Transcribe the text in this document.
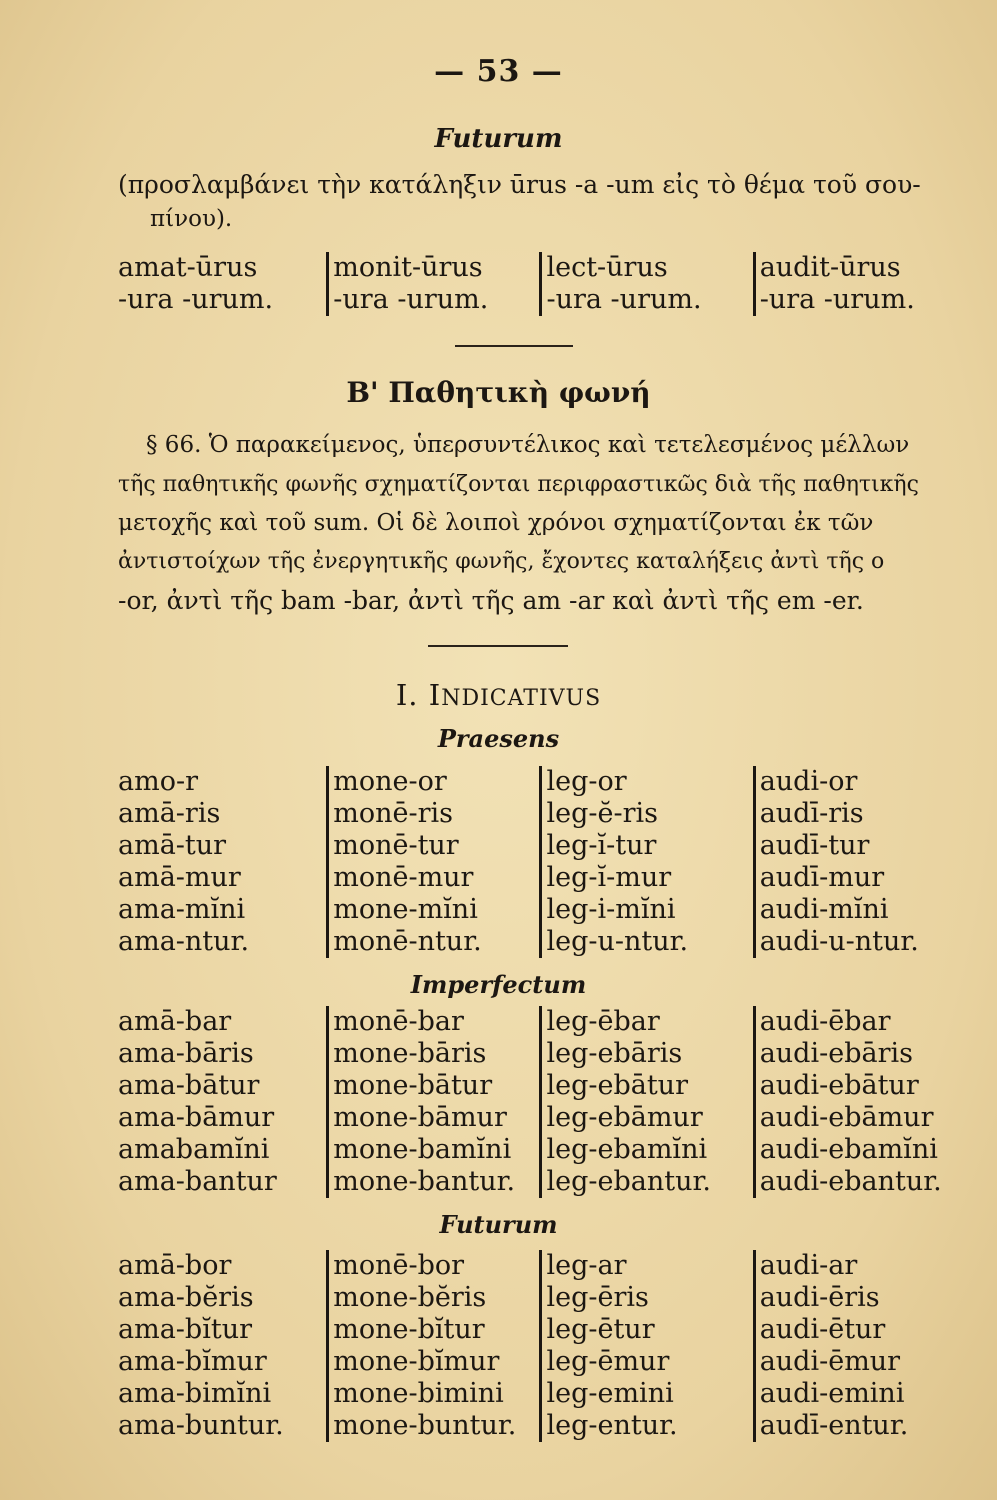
— 53 —
Futurum
(προσλαμβάνει τὴν κατάληξιν ūrus -a -um εἰς τὸ θέμα τοῦ σου-
πίνου).
amat-ūrus
-ura -urum.
monit-ūrus
-ura -urum.
lect-ūrus
-ura -urum.
audit-ūrus
-ura -urum.
Β' Παθητικὴ φωνή
§ 66. Ὁ παρακείμενος, ὑπερσυντέλικος καὶ τετελεσμένος μέλλων
τῆς παθητικῆς φωνῆς σχηματίζονται περιφραστικῶς διὰ τῆς παθητικῆς
μετοχῆς καὶ τοῦ sum. Οἱ δὲ λοιποὶ χρόνοι σχηματίζονται ἐκ τῶν
ἀντιστοίχων τῆς ἐνεργητικῆς φωνῆς, ἔχοντες καταλήξεις ἀντὶ τῆς o
-or, ἀντὶ τῆς bam -bar, ἀντὶ τῆς am -ar καὶ ἀντὶ τῆς em -er.
I. INDICATIVUS
Praesens
amo-r
amā-ris
amā-tur
amā-mur
ama-mĭni
ama-ntur.
mone-or
monē-ris
monē-tur
monē-mur
mone-mĭni
monē-ntur.
leg-or
leg-ĕ-ris
leg-ĭ-tur
leg-ĭ-mur
leg-i-mĭni
leg-u-ntur.
audi-or
audī-ris
audī-tur
audī-mur
audi-mĭni
audi-u-ntur.
Imperfectum
amā-bar
ama-bāris
ama-bātur
ama-bāmur
amabamĭni
ama-bantur
monē-bar
mone-bāris
mone-bātur
mone-bāmur
mone-bamĭni
mone-bantur.
leg-ēbar
leg-ebāris
leg-ebātur
leg-ebāmur
leg-ebamĭni
leg-ebantur.
audi-ēbar
audi-ebāris
audi-ebātur
audi-ebāmur
audi-ebamĭni
audi-ebantur.
Futurum
amā-bor
ama-bĕris
ama-bĭtur
ama-bĭmur
ama-bimĭni
ama-buntur.
monē-bor
mone-bĕris
mone-bĭtur
mone-bĭmur
mone-bimini
mone-buntur.
leg-ar
leg-ēris
leg-ētur
leg-ēmur
leg-emini
leg-entur.
audi-ar
audi-ēris
audi-ētur
audi-ēmur
audi-emini
audī-entur.
